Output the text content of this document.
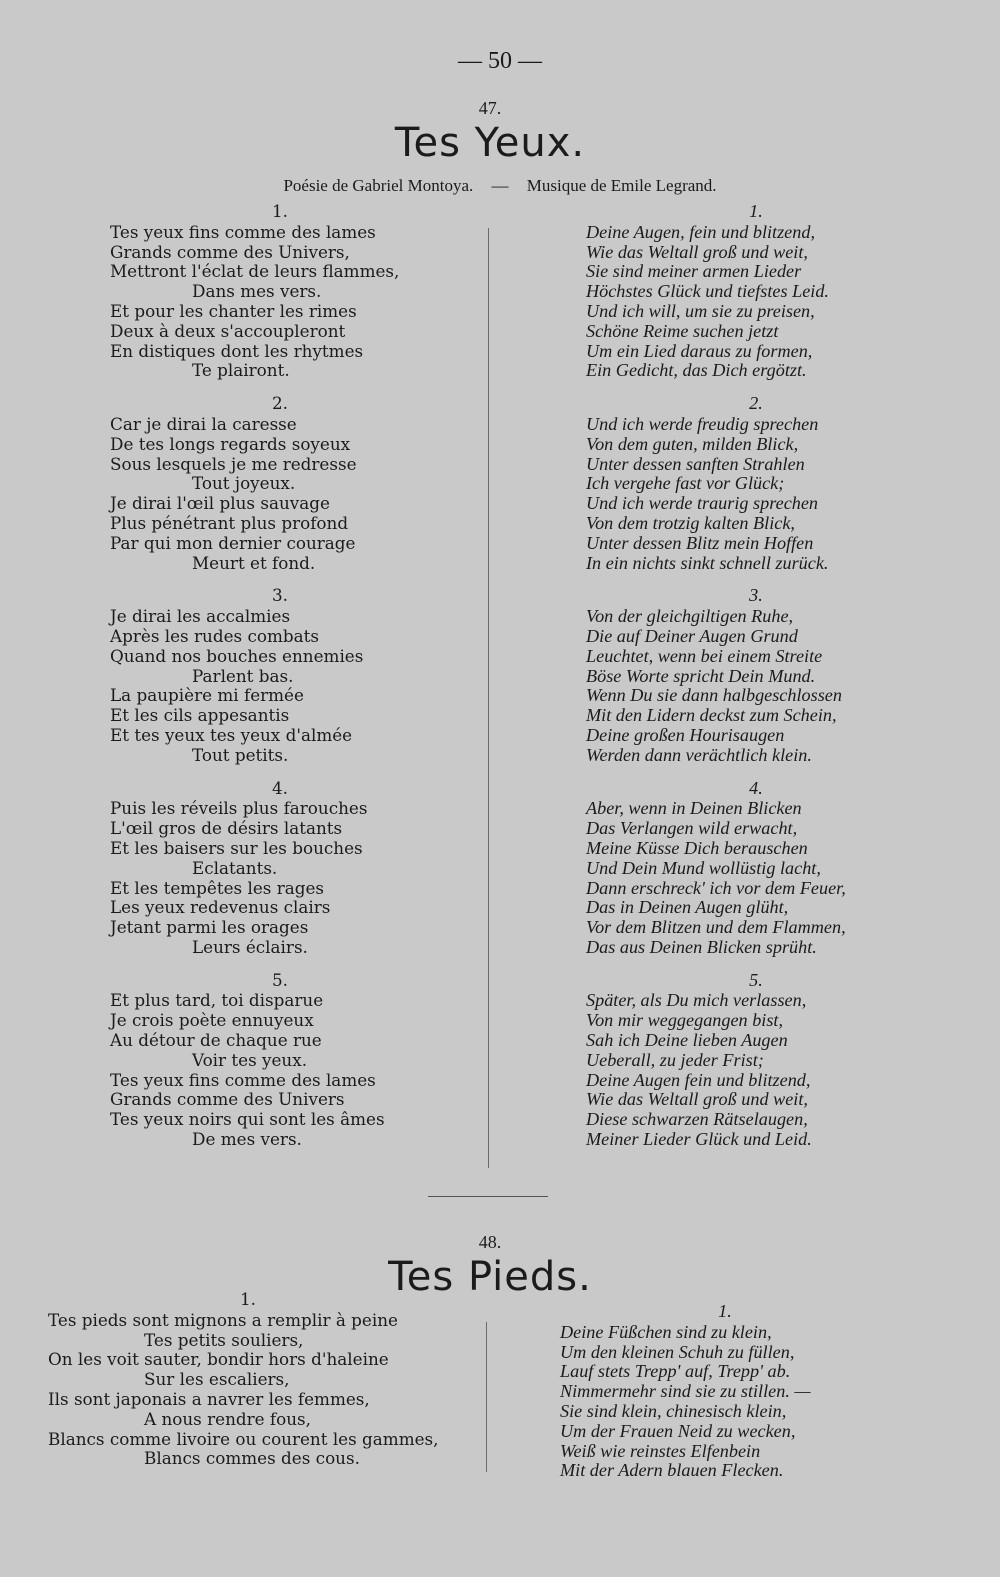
— 50 —
47.
Tes Yeux.
Poésie de Gabriel Montoya. — Musique de Emile Legrand.
1.
Tes yeux fins comme des lames
Grands comme des Univers,
Mettront l'éclat de leurs flammes,
Dans mes vers.
Et pour les chanter les rimes
Deux à deux s'accoupleront
En distiques dont les rhytmes
Te plairont.
2.
Car je dirai la caresse
De tes longs regards soyeux
Sous lesquels je me redresse
Tout joyeux.
Je dirai l'œil plus sauvage
Plus pénétrant plus profond
Par qui mon dernier courage
Meurt et fond.
3.
Je dirai les accalmies
Après les rudes combats
Quand nos bouches ennemies
Parlent bas.
La paupière mi fermée
Et les cils appesantis
Et tes yeux tes yeux d'almée
Tout petits.
4.
Puis les réveils plus farouches
L'œil gros de désirs latants
Et les baisers sur les bouches
Eclatants.
Et les tempêtes les rages
Les yeux redevenus clairs
Jetant parmi les orages
Leurs éclairs.
5.
Et plus tard, toi disparue
Je crois poète ennuyeux
Au détour de chaque rue
Voir tes yeux.
Tes yeux fins comme des lames
Grands comme des Univers
Tes yeux noirs qui sont les âmes
De mes vers.
1.
Deine Augen, fein und blitzend,
Wie das Weltall groß und weit,
Sie sind meiner armen Lieder
Höchstes Glück und tiefstes Leid.
Und ich will, um sie zu preisen,
Schöne Reime suchen jetzt
Um ein Lied daraus zu formen,
Ein Gedicht, das Dich ergötzt.
2.
Und ich werde freudig sprechen
Von dem guten, milden Blick,
Unter dessen sanften Strahlen
Ich vergehe fast vor Glück;
Und ich werde traurig sprechen
Von dem trotzig kalten Blick,
Unter dessen Blitz mein Hoffen
In ein nichts sinkt schnell zurück.
3.
Von der gleichgiltigen Ruhe,
Die auf Deiner Augen Grund
Leuchtet, wenn bei einem Streite
Böse Worte spricht Dein Mund.
Wenn Du sie dann halbgeschlossen
Mit den Lidern deckst zum Schein,
Deine großen Hourisaugen
Werden dann verächtlich klein.
4.
Aber, wenn in Deinen Blicken
Das Verlangen wild erwacht,
Meine Küsse Dich berauschen
Und Dein Mund wollüstig lacht,
Dann erschreck' ich vor dem Feuer,
Das in Deinen Augen glüht,
Vor dem Blitzen und dem Flammen,
Das aus Deinen Blicken sprüht.
5.
Später, als Du mich verlassen,
Von mir weggegangen bist,
Sah ich Deine lieben Augen
Ueberall, zu jeder Frist;
Deine Augen fein und blitzend,
Wie das Weltall groß und weit,
Diese schwarzen Rätselaugen,
Meiner Lieder Glück und Leid.
48.
Tes Pieds.
1.
Tes pieds sont mignons a remplir à peine
Tes petits souliers,
On les voit sauter, bondir hors d'haleine
Sur les escaliers,
Ils sont japonais a navrer les femmes,
A nous rendre fous,
Blancs comme livoire ou courent les gammes,
Blancs commes des cous.
1.
Deine Füßchen sind zu klein,
Um den kleinen Schuh zu füllen,
Lauf stets Trepp' auf, Trepp' ab.
Nimmermehr sind sie zu stillen. —
Sie sind klein, chinesisch klein,
Um der Frauen Neid zu wecken,
Weiß wie reinstes Elfenbein
Mit der Adern blauen Flecken.
